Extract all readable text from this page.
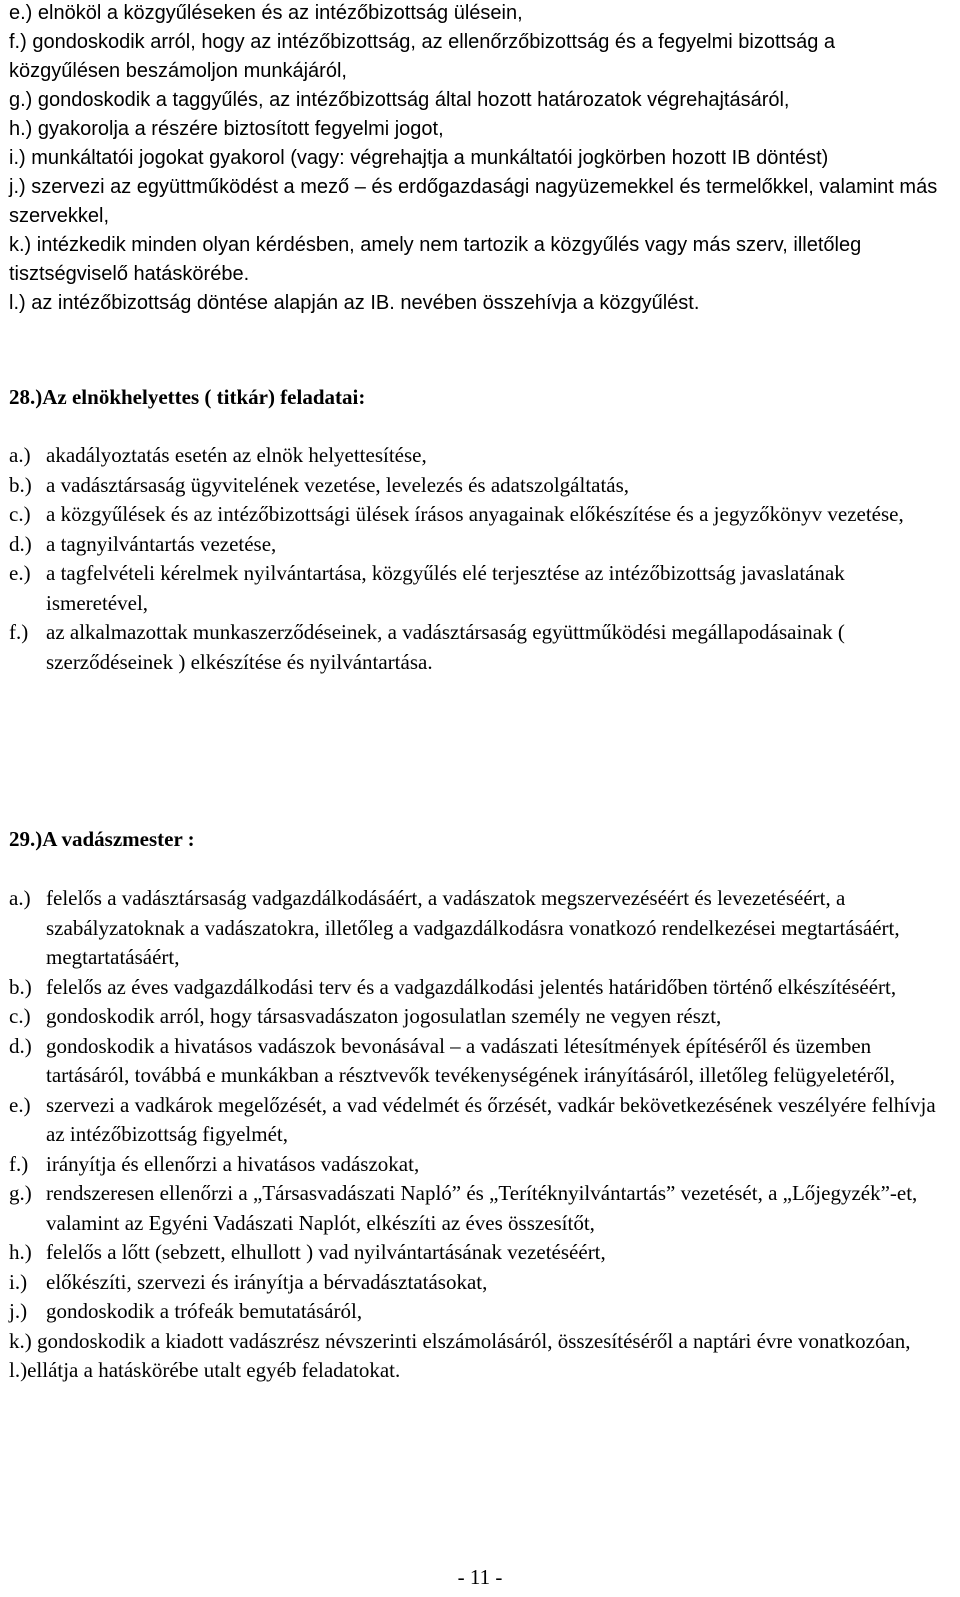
e.) elnököl a közgyűléseken és az intézőbizottság ülésein,

f.) gondoskodik arról, hogy az intézőbizottság, az ellenőrzőbizottság és a fegyelmi bizottság a közgyűlésen beszámoljon munkájáról,

g.) gondoskodik a taggyűlés, az intézőbizottság által hozott határozatok végrehajtásáról,

h.) gyakorolja a részére biztosított fegyelmi jogot,

i.) munkáltatói jogokat gyakorol (vagy: végrehajtja a munkáltatói jogkörben hozott IB döntést)

j.) szervezi az együttműködést a mező – és erdőgazdasági nagyüzemekkel és termelőkkel, valamint más szervekkel,

k.) intézkedik minden olyan kérdésben, amely nem tartozik a közgyűlés vagy más szerv, illetőleg tisztségviselő hatáskörébe.

l.) az intézőbizottság döntése alapján az IB. nevében összehívja a közgyűlést.

28.)Az elnökhelyettes ( titkár) feladatai:

a.) akadályoztatás esetén az elnök helyettesítése,
b.) a vadásztársaság ügyvitelének vezetése, levelezés és adatszolgáltatás,
c.) a közgyűlések és az intézőbizottsági ülések írásos anyagainak előkészítése és a jegyzőkönyv vezetése,
d.) a tagnyilvántartás vezetése,
e.) a tagfelvételi kérelmek nyilvántartása, közgyűlés elé terjesztése az intézőbizottság javaslatának ismeretével,
f.) az alkalmazottak munkaszerződéseinek, a vadásztársaság együttműködési megállapodásainak ( szerződéseinek ) elkészítése és nyilvántartása.

29.)A vadászmester :

a.) felelős a vadásztársaság vadgazdálkodásáért, a vadászatok megszervezéséért és levezetéséért, a szabályzatoknak a vadászatokra, illetőleg a vadgazdálkodásra vonatkozó rendelkezései megtartásáért, megtartatásáért,
b.) felelős az éves vadgazdálkodási terv és a vadgazdálkodási jelentés határidőben történő elkészítéséért,
c.) gondoskodik arról, hogy társasvadászaton jogosulatlan személy ne vegyen részt,
d.) gondoskodik a hivatásos vadászok bevonásával – a vadászati létesítmények építéséről és üzemben tartásáról, továbbá e munkákban a résztvevők tevékenységének irányításáról, illetőleg felügyeletéről,
e.) szervezi a vadkárok megelőzését, a vad védelmét és őrzését, vadkár bekövetkezésének veszélyére felhívja az intézőbizottság figyelmét,
f.) irányítja és ellenőrzi a hivatásos vadászokat,
g.) rendszeresen ellenőrzi a „Társasvadászati Napló” és „Terítéknyilvántartás” vezetését, a „Lőjegyzék”-et, valamint az Egyéni Vadászati Naplót, elkészíti az éves összesítőt,
h.) felelős a lőtt (sebzett, elhullott ) vad nyilvántartásának vezetéséért,
i.) előkészíti, szervezi és irányítja a bérvadásztatásokat,
j.) gondoskodik a trófeák bemutatásáról,

k.) gondoskodik a kiadott vadászrész névszerinti elszámolásáról, összesítéséről a naptári évre vonatkozóan,

l.)ellátja a hatáskörébe utalt egyéb feladatokat.

- 11 -
